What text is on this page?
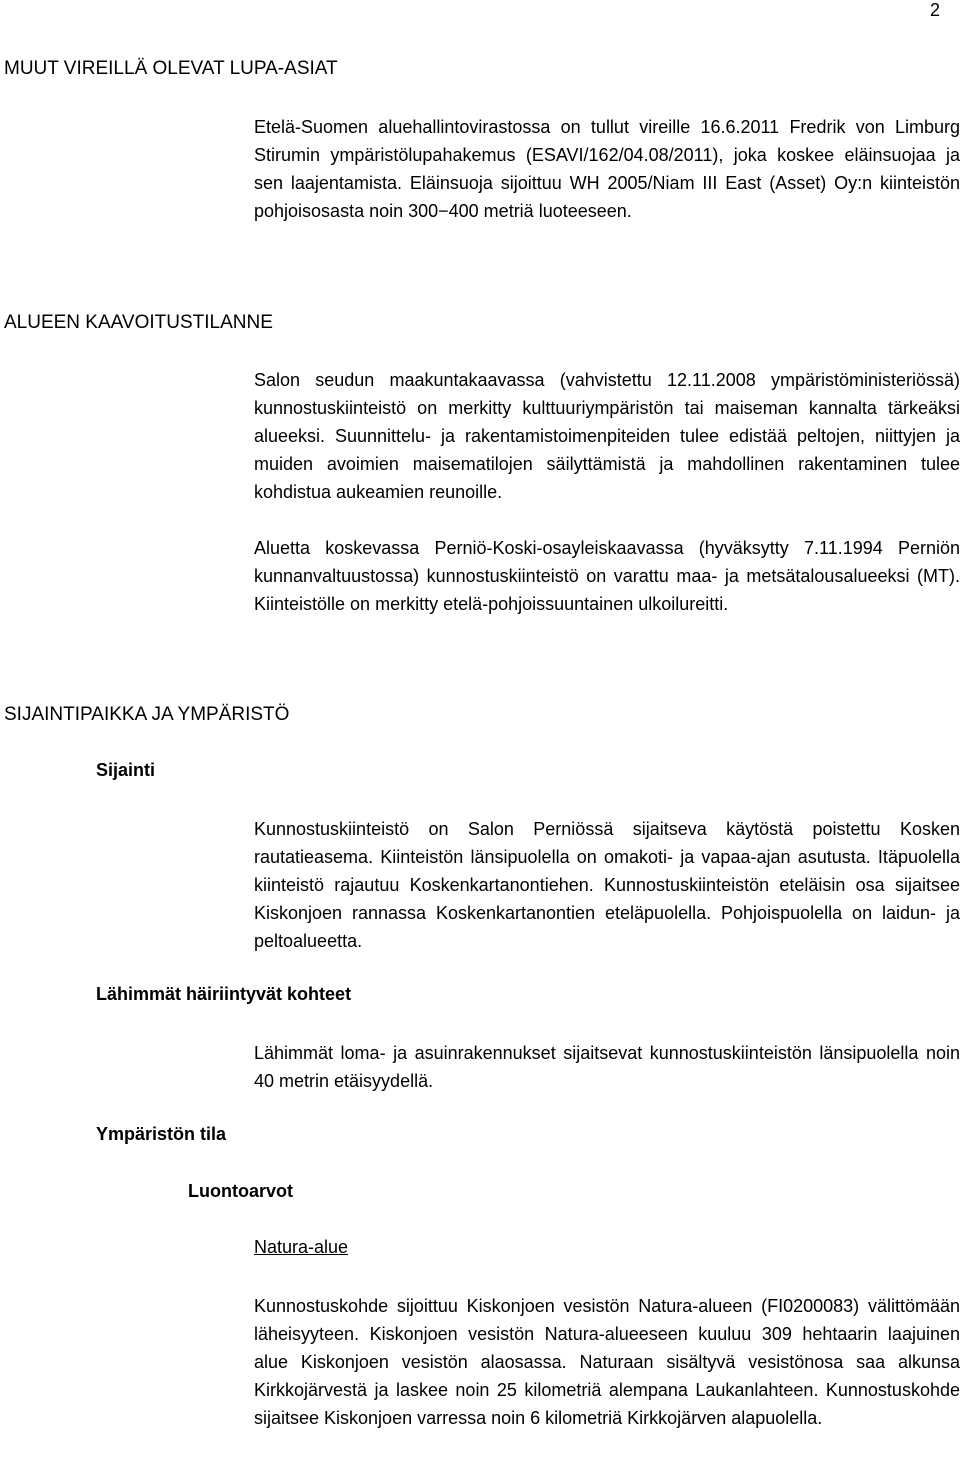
2
MUUT VIREILLÄ OLEVAT LUPA-ASIAT

Etelä-Suomen aluehallintovirastossa on tullut vireille 16.6.2011 Fredrik von Limburg Stirumin ympäristölupahakemus (ESAVI/162/04.08/2011), joka koskee eläinsuojaa ja sen laajentamista. Eläinsuoja sijoittuu WH 2005/Niam III East (Asset) Oy:n kiinteistön pohjoisosasta noin 300−400 metriä luoteeseen.

ALUEEN KAAVOITUSTILANNE

Salon seudun maakuntakaavassa (vahvistettu 12.11.2008 ympäristöministeriössä) kunnostuskiinteistö on merkitty kulttuuriympäristön tai maiseman kannalta tärkeäksi alueeksi. Suunnittelu- ja rakentamistoimenpiteiden tulee edistää peltojen, niittyjen ja muiden avoimien maisematilojen säilyttämistä ja mahdollinen rakentaminen tulee kohdistua aukeamien reunoille.

Aluetta koskevassa Perniö-Koski-osayleiskaavassa (hyväksytty 7.11.1994 Perniön kunnanvaltuustossa) kunnostuskiinteistö on varattu maa- ja metsätalousalueeksi (MT). Kiinteistölle on merkitty etelä-pohjoissuuntainen ulkoilureitti.

SIJAINTIPAIKKA JA YMPÄRISTÖ
Sijainti

Kunnostuskiinteistö on Salon Perniössä sijaitseva käytöstä poistettu Kosken rautatieasema. Kiinteistön länsipuolella on omakoti- ja vapaa-ajan asutusta. Itäpuolella kiinteistö rajautuu Koskenkartanontiehen. Kunnostuskiinteistön eteläisin osa sijaitsee Kiskonjoen rannassa Koskenkartanontien eteläpuolella. Pohjoispuolella on laidun- ja peltoalueetta.

Lähimmät häiriintyvät kohteet

Lähimmät loma- ja asuinrakennukset sijaitsevat kunnostuskiinteistön länsipuolella noin 40 metrin etäisyydellä.

Ympäristön tila
Luontoarvot
Natura-alue

Kunnostuskohde sijoittuu Kiskonjoen vesistön Natura-alueen (FI0200083) välittömään läheisyyteen. Kiskonjoen vesistön Natura-alueeseen kuuluu 309 hehtaarin laajuinen alue Kiskonjoen vesistön alaosassa. Naturaan sisältyvä vesistönosa saa alkunsa Kirkkojärvestä ja laskee noin 25 kilometriä alempana Laukanlahteen. Kunnostuskohde sijaitsee Kiskonjoen varressa noin 6 kilometriä Kirkkojärven alapuolella.
